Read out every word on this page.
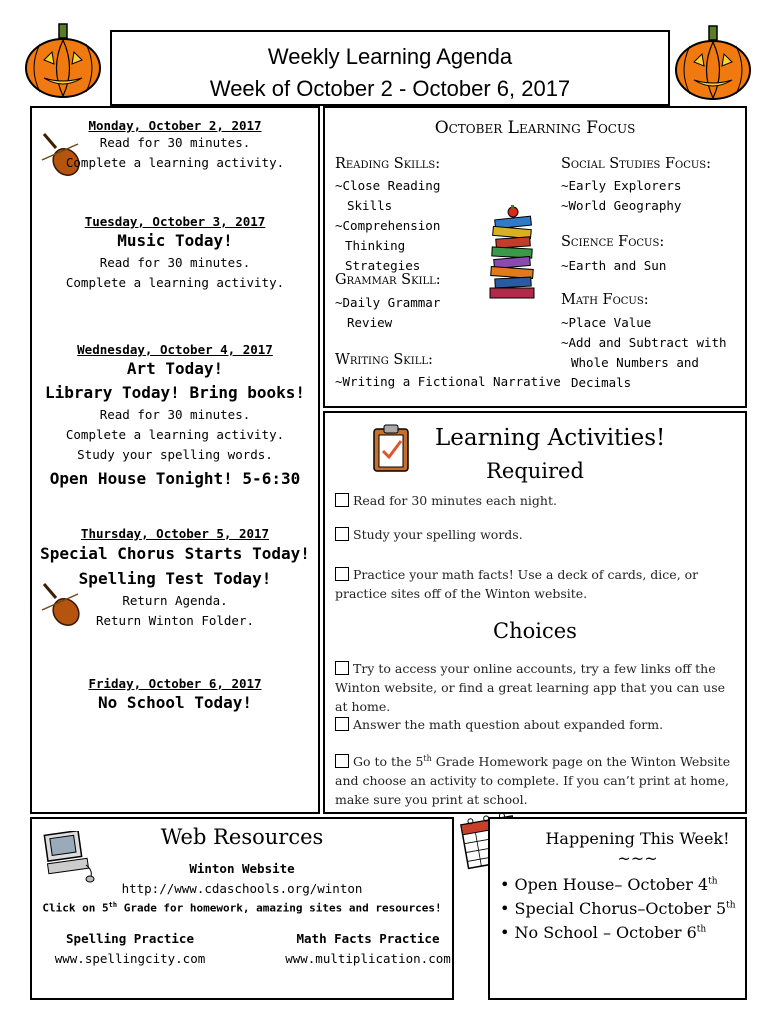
Weekly Learning Agenda
Week of October 2 - October 6, 2017
Monday, October 2, 2017
Read for 30 minutes.
Complete a learning activity.
Tuesday, October 3, 2017
Music Today!
Read for 30 minutes.
Complete a learning activity.
Wednesday, October 4, 2017
Art Today!
Library Today! Bring books!
Read for 30 minutes.
Complete a learning activity.
Study your spelling words.
Open House Tonight! 5-6:30
Thursday, October 5, 2017
Special Chorus Starts Today!
Spelling Test Today!
Return Agenda.
Return Winton Folder.
Friday, October 6, 2017
No School Today!
October Learning Focus
Reading Skills:
~Close Reading
Skills
~Comprehension
Thinking
Strategies
Grammar Skill:
~Daily Grammar
Review
Writing Skill:
~Writing a Fictional Narrative
Social Studies Focus:
~Early Explorers
~World Geography
Science Focus:
~Earth and Sun
Math Focus:
~Place Value
~Add and Subtract with
Whole Numbers and
Decimals
Learning Activities!
Required
Read for 30 minutes each night.
Study your spelling words.
Practice your math facts! Use a deck of cards, dice, or practice sites off of the Winton website.
Choices
Try to access your online accounts, try a few links off the Winton website, or find a great learning app that you can use at home.
Answer the math question about expanded form.
Go to the 5th Grade Homework page on the Winton Website and choose an activity to complete. If you can’t print at home, make sure you print at school.
Web Resources
Winton Website
http://www.cdaschools.org/winton
Click on 5th Grade for homework, amazing sites and resources!
Spelling Practice
www.spellingcity.com
Math Facts Practice
www.multiplication.com
Happening This Week!
~~~
• Open House– October 4th
• Special Chorus–October 5th
• No School – October 6th
